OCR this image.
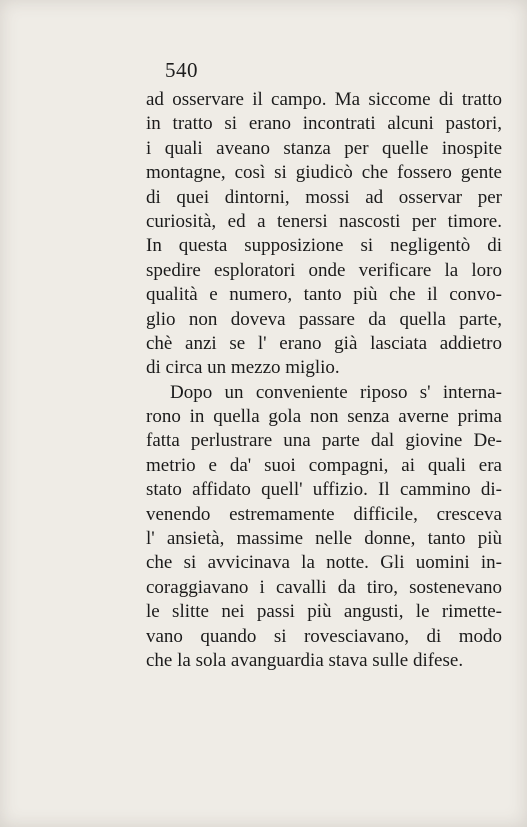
540
ad osservare il campo. Ma siccome di tratto
in tratto si erano incontrati alcuni pastori,
i quali aveano stanza per quelle inospite
montagne, così si giudicò che fossero gente
di quei dintorni, mossi ad osservar per
curiosità, ed a tenersi nascosti per timore.
In questa supposizione si negligentò di
spedire esploratori onde verificare la loro
qualità e numero, tanto più che il convo-
glio non doveva passare da quella parte,
chè anzi se l' erano già lasciata addietro
di circa un mezzo miglio.
Dopo un conveniente riposo s' interna-
rono in quella gola non senza averne prima
fatta perlustrare una parte dal giovine De-
metrio e da' suoi compagni, ai quali era
stato affidato quell' uffizio. Il cammino di-
venendo estremamente difficile, cresceva
l' ansietà, massime nelle donne, tanto più
che si avvicinava la notte. Gli uomini in-
coraggiavano i cavalli da tiro, sostenevano
le slitte nei passi più angusti, le rimette-
vano quando si rovesciavano, di modo
che la sola avanguardia stava sulle difese.
